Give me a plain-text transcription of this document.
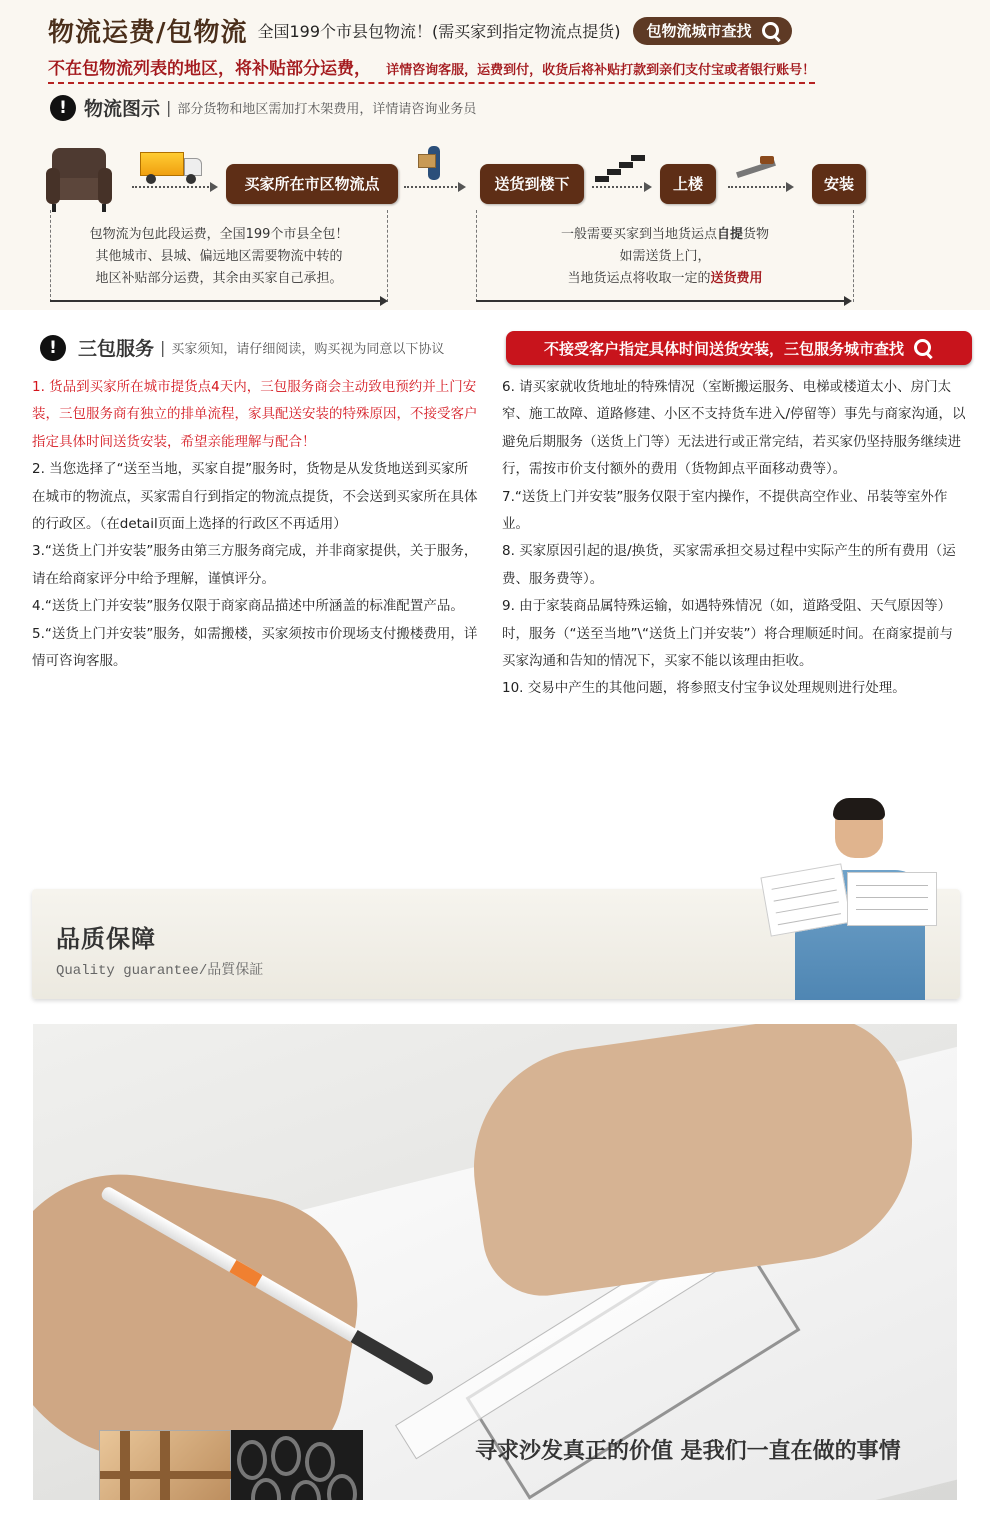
物流运费/包物流 全国199个市县包物流！(需买家到指定物流点提货) 包物流城市查找
不在包物流列表的地区，将补贴部分运费， 详情咨询客服，运费到付，收货后将补贴打款到亲们支付宝或者银行账号！
! 物流图示 | 部分货物和地区需加打木架费用，详情请咨询业务员
买家所在市区物流点	送货到楼下	上楼	安装
包物流为包此段运费，全国199个市县全包！
其他城市、县城、偏远地区需要物流中转的
地区补贴部分运费，其余由买家自己承担。
一般需要买家到当地货运点自提货物
如需送货上门，
当地货运点将收取一定的送货费用
!	三包服务 | 买家须知，请仔细阅读，购买视为同意以下协议	不接受客户指定具体时间送货安装，三包服务城市查找

1. 货品到买家所在城市提货点4天内，三包服务商会主动致电预约并上门安装，三包服务商有独立的排单流程，家具配送安装的特殊原因，不接受客户指定具体时间送货安装，希望亲能理解与配合！

2. 当您选择了“送至当地，买家自提”服务时，货物是从发货地送到买家所在城市的物流点，买家需自行到指定的物流点提货，不会送到买家所在具体的行政区。（在detail页面上选择的行政区不再适用）

3.“送货上门并安装”服务由第三方服务商完成，并非商家提供，关于服务，请在给商家评分中给予理解，谨慎评分。

4.“送货上门并安装”服务仅限于商家商品描述中所涵盖的标准配置产品。

5.“送货上门并安装”服务，如需搬楼，买家须按市价现场支付搬楼费用，详情可咨询客服。

6. 请买家就收货地址的特殊情况（室断搬运服务、电梯或楼道太小、房门太窄、施工故障、道路修建、小区不支持货车进入/停留等）事先与商家沟通，以避免后期服务（送货上门等）无法进行或正常完结，若买家仍坚持服务继续进行，需按市价支付额外的费用（货物卸点平面移动费等）。

7.“送货上门并安装”服务仅限于室内操作，不提供高空作业、吊装等室外作业。

8. 买家原因引起的退/换货，买家需承担交易过程中实际产生的所有费用（运费、服务费等）。

9. 由于家装商品属特殊运输，如遇特殊情况（如，道路受阻、天气原因等）时，服务（“送至当地”\“送货上门并安装”）将合理顺延时间。在商家提前与买家沟通和告知的情况下，买家不能以该理由拒收。

10. 交易中产生的其他问题，将参照支付宝争议处理规则进行处理。

品质保障
Quality guarantee/品質保証
寻求沙发真正的价值 是我们一直在做的事情
